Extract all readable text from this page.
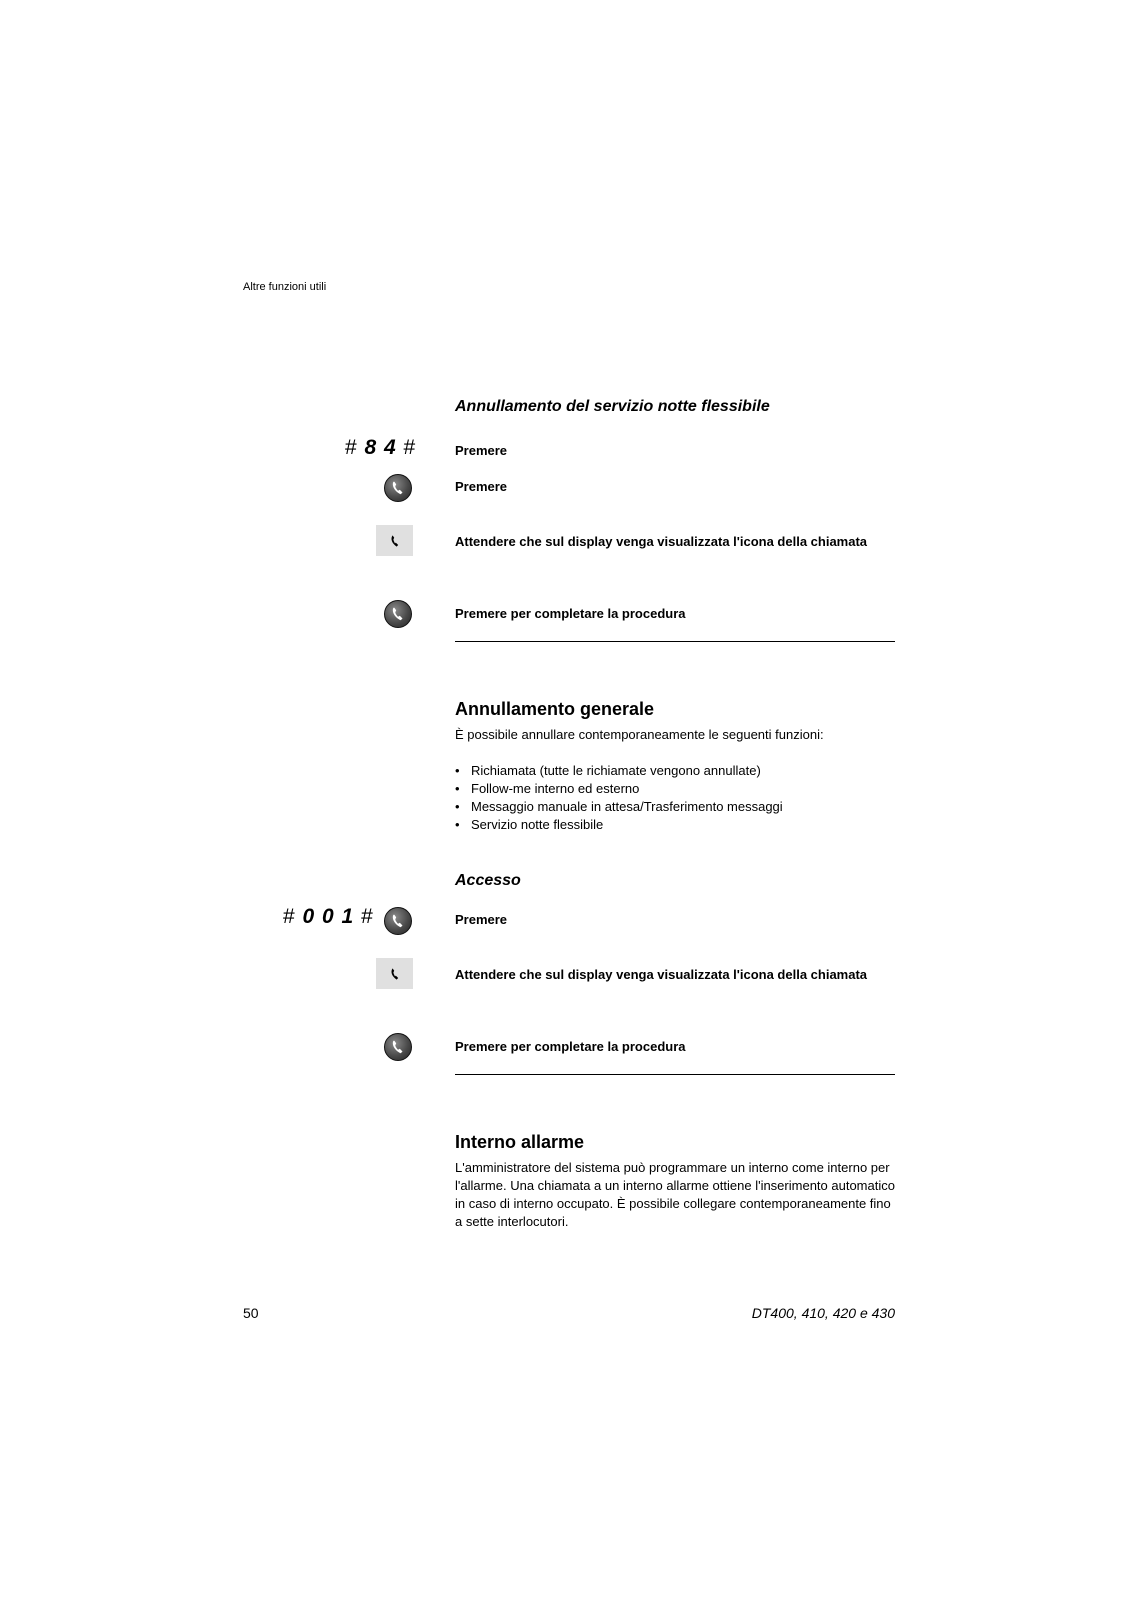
Altre funzioni utili
Annullamento del servizio notte flessibile
# 8 4 #	Premere
Premere
Attendere che sul display venga visualizzata l'icona della chiamata
Premere per completare la procedura
Annullamento generale
È possibile annullare contemporaneamente le seguenti funzioni:
• Richiamata (tutte le richiamate vengono annullate)
• Follow-me interno ed esterno
• Messaggio manuale in attesa/Trasferimento messaggi
• Servizio notte flessibile
Accesso
# 0 0 1 #	Premere
Attendere che sul display venga visualizzata l'icona della chiamata
Premere per completare la procedura
Interno allarme
L'amministratore del sistema può programmare un interno come interno per l'allarme. Una chiamata a un interno allarme ottiene l'inserimento automatico in caso di interno occupato. È possibile collegare contemporaneamente fino a sette interlocutori.
50	DT400, 410, 420 e 430
